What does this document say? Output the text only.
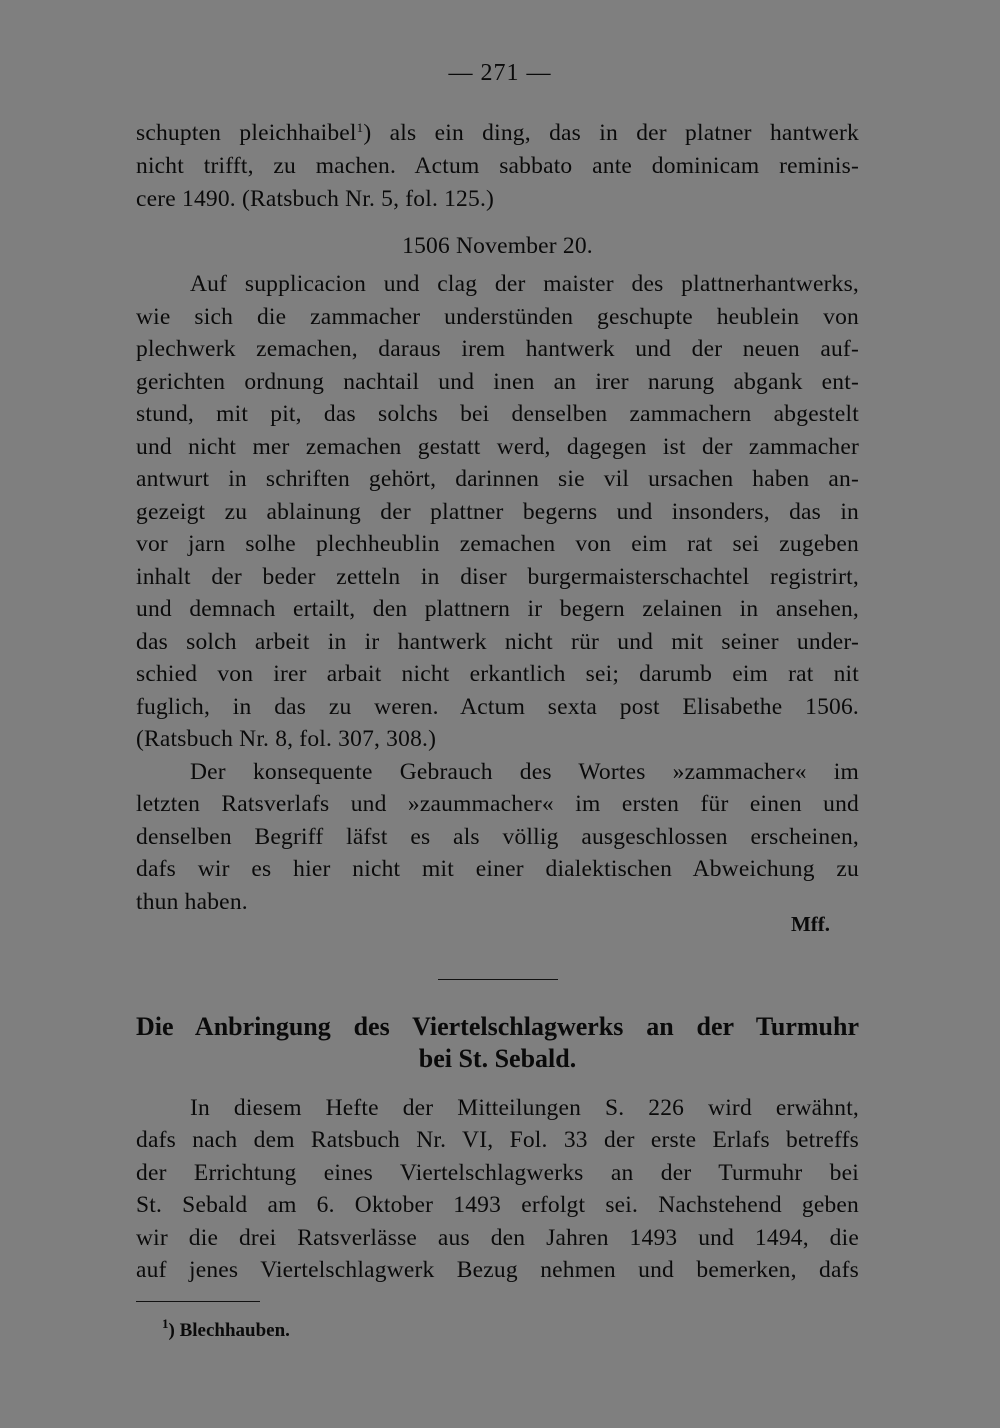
— 271 —
schupten pleichhaibel$^1$) als ein ding, das in der platner hantwerk
nicht trifft, zu machen. Actum sabbato ante dominicam reminis-
cere 1490. (Ratsbuch Nr. 5, fol. 125.)
1506 November 20.
Auf supplicacion und clag der maister des plattnerhantwerks,
wie sich die zammacher understünden geschupte heublein von
plechwerk zemachen, daraus irem hantwerk und der neuen auf-
gerichten ordnung nachtail und inen an irer narung abgank ent-
stund, mit pit, das solchs bei denselben zammachern abgestelt
und nicht mer zemachen gestatt werd, dagegen ist der zammacher
antwurt in schriften gehört, darinnen sie vil ursachen haben an-
gezeigt zu ablainung der plattner begerns und insonders, das in
vor jarn solhe plechheublin zemachen von eim rat sei zugeben
inhalt der beder zetteln in diser burgermaisterschachtel registrirt,
und demnach ertailt, den plattnern ir begern zelainen in ansehen,
das solch arbeit in ir hantwerk nicht rür und mit seiner under-
schied von irer arbait nicht erkantlich sei; darumb eim rat nit
fuglich, in das zu weren. Actum sexta post Elisabethe 1506.
(Ratsbuch Nr. 8, fol. 307, 308.)
Der konsequente Gebrauch des Wortes »zammacher« im
letzten Ratsverlafs und »zaummacher« im ersten für einen und
denselben Begriff läfst es als völlig ausgeschlossen erscheinen,
dafs wir es hier nicht mit einer dialektischen Abweichung zu
thun haben.
Mff.
Die Anbringung des Viertelschlagwerks an der Turmuhr
bei St. Sebald.
In diesem Hefte der Mitteilungen S. 226 wird erwähnt,
dafs nach dem Ratsbuch Nr. VI, Fol. 33 der erste Erlafs betreffs
der Errichtung eines Viertelschlagwerks an der Turmuhr bei
St. Sebald am 6. Oktober 1493 erfolgt sei. Nachstehend geben
wir die drei Ratsverlässe aus den Jahren 1493 und 1494, die
auf jenes Viertelschlagwerk Bezug nehmen und bemerken, dafs
$^1$) Blechhauben.
